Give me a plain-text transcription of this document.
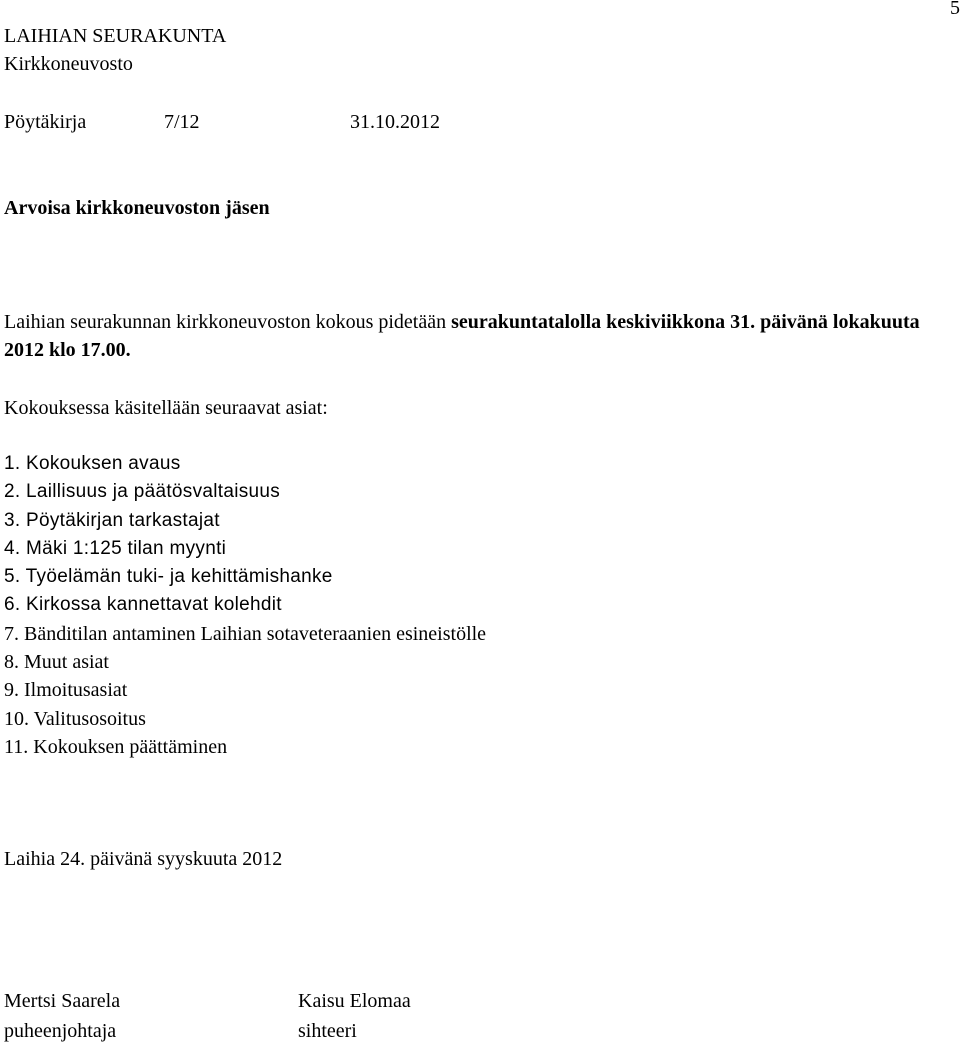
5
LAIHIAN SEURAKUNTA
Kirkkoneuvosto
Pöytäkirja	7/12	31.10.2012
Arvoisa kirkkoneuvoston jäsen
Laihian seurakunnan kirkkoneuvoston kokous pidetään seurakuntatalolla keskiviikkona 31. päivänä lokakuuta 2012 klo 17.00.
Kokouksessa käsitellään seuraavat asiat:
1. Kokouksen avaus
2. Laillisuus ja päätösvaltaisuus
3. Pöytäkirjan tarkastajat
4. Mäki 1:125 tilan myynti
5. Työelämän tuki- ja kehittämishanke
6. Kirkossa kannettavat kolehdit
7. Bänditilan antaminen Laihian sotaveteraanien esineistölle
8. Muut asiat
9. Ilmoitusasiat
10. Valitusosoitus
11. Kokouksen päättäminen
Laihia 24. päivänä syyskuuta 2012
Mertsi Saarela
puheenjohtaja
Kaisu Elomaa
sihteeri
